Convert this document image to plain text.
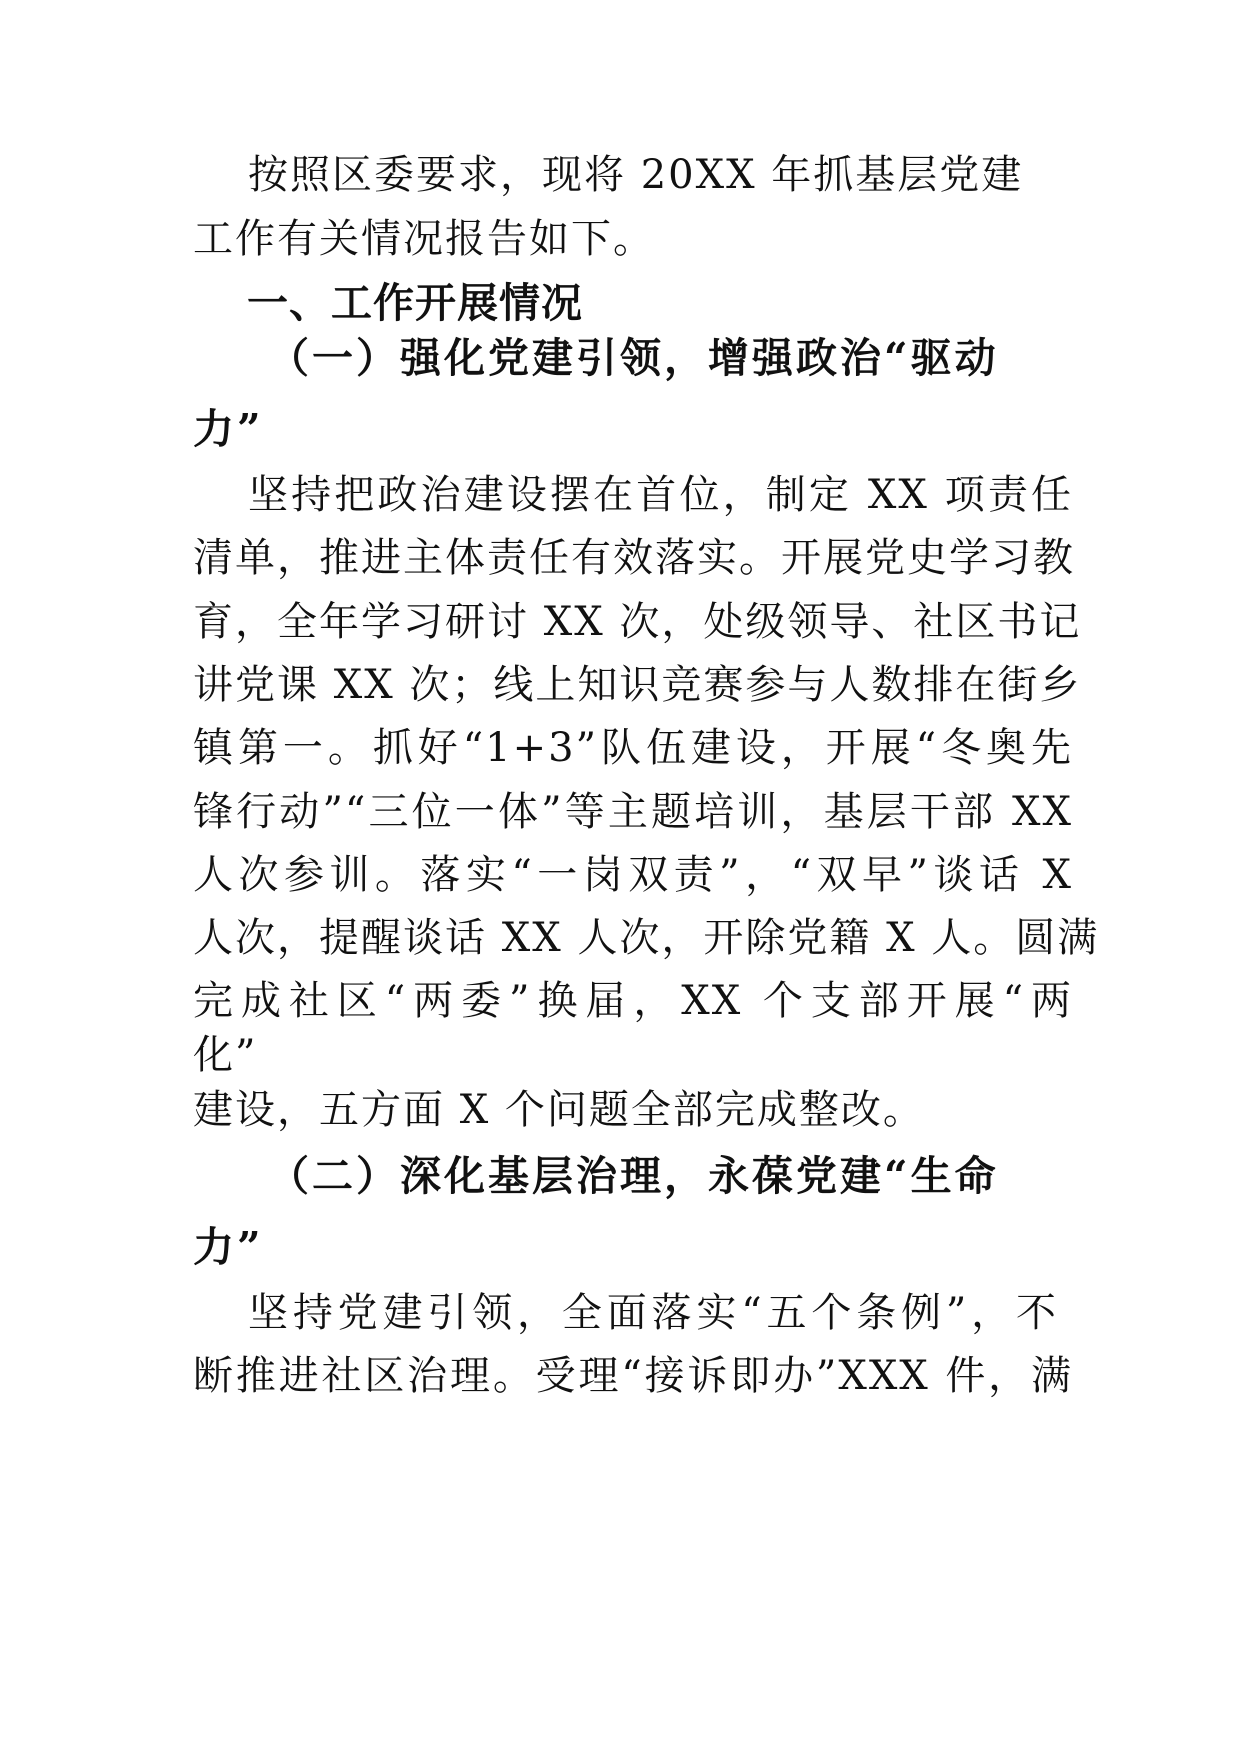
按照区委要求，现将 20XX 年抓基层党建
工作有关情况报告如下。
一、工作开展情况
（一）强化党建引领，增强政治“驱动
力”
坚持把政治建设摆在首位，制定 XX 项责任
清单，推进主体责任有效落实。开展党史学习教
育，全年学习研讨 XX 次，处级领导、社区书记
讲党课 XX 次；线上知识竞赛参与人数排在街乡
镇第一。抓好“1+3”队伍建设，开展“冬奥先
锋行动”“三位一体”等主题培训，基层干部 XX
人次参训。落实“一岗双责”，“双早”谈话 X
人次，提醒谈话 XX 人次，开除党籍 X 人。圆满
完成社区“两委”换届，XX 个支部开展“两
化”
建设，五方面 X 个问题全部完成整改。
（二）深化基层治理，永葆党建“生命
力”
坚持党建引领，全面落实“五个条例”，不
断推进社区治理。受理“接诉即办”XXX 件，满
